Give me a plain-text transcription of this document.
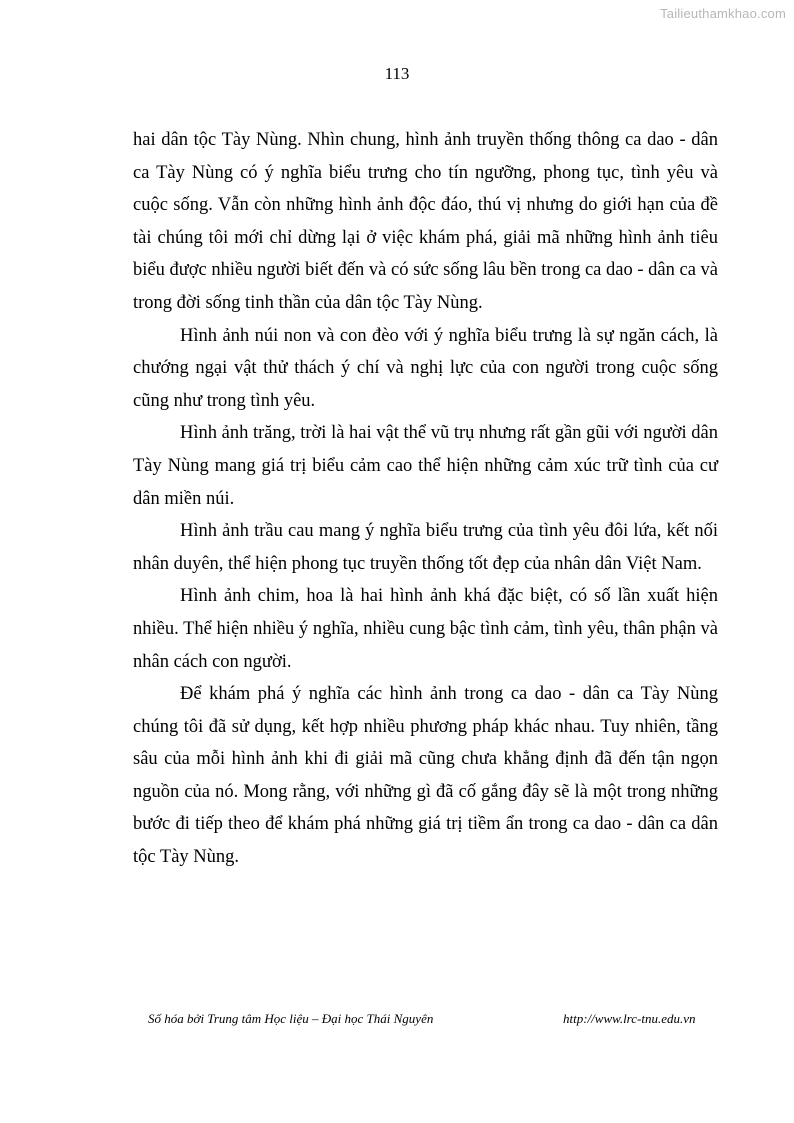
Tailieuthamkhao.com
113

hai dân tộc Tày Nùng. Nhìn chung, hình ảnh truyền thống thông ca dao - dân ca Tày Nùng có ý nghĩa biểu trưng cho tín ngưỡng, phong tục, tình yêu và cuộc sống. Vẫn còn những hình ảnh độc đáo, thú vị nhưng do giới hạn của đề tài chúng tôi mới chỉ dừng lại ở việc khám phá, giải mã những hình ảnh tiêu biểu được nhiều người biết đến và có sức sống lâu bền trong ca dao - dân ca và trong đời sống tinh thần của dân tộc Tày Nùng.

Hình ảnh núi non và con đèo với ý nghĩa biểu trưng là sự ngăn cách, là chướng ngại vật thử thách ý chí và nghị lực của con người trong cuộc sống cũng như trong tình yêu.

Hình ảnh trăng, trời là hai vật thể vũ trụ nhưng rất gần gũi với người dân Tày Nùng mang giá trị biểu cảm cao thể hiện những cảm xúc trữ tình của cư dân miền núi.

Hình ảnh trầu cau mang ý nghĩa biểu trưng của tình yêu đôi lứa, kết nối nhân duyên, thể hiện phong tục truyền thống tốt đẹp của nhân dân Việt Nam.

Hình ảnh chim, hoa là hai hình ảnh khá đặc biệt, có số lần xuất hiện nhiều. Thể hiện nhiều ý nghĩa, nhiều cung bậc tình cảm, tình yêu, thân phận và nhân cách con người.

Để khám phá ý nghĩa các hình ảnh trong ca dao - dân ca Tày Nùng chúng tôi đã sử dụng, kết hợp nhiều phương pháp khác nhau. Tuy nhiên, tầng sâu của mỗi hình ảnh khi đi giải mã cũng chưa khẳng định đã đến tận ngọn nguồn của nó. Mong rằng, với những gì đã cố gắng đây sẽ là một trong những bước đi tiếp theo để khám phá những giá trị tiềm ẩn trong ca dao - dân ca dân tộc Tày Nùng.

Số hóa bởi Trung tâm Học liệu – Đại học Thái Nguyên	http://www.lrc-tnu.edu.vn
